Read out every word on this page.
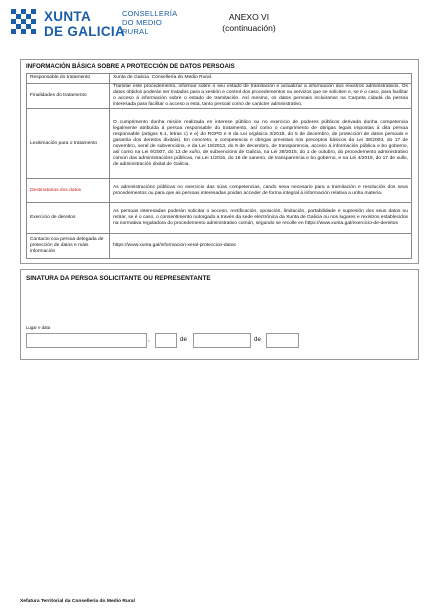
XUNTA
DE GALICIA
CONSELLERÍA
DO MEDIO
RURAL
ANEXO VI
(continuación)
INFORMACIÓN BÁSICA SOBRE A PROTECCIÓN DE DATOS PERSOAIS
Responsable do tratamento	Xunta de Galicia. Consellería do Medio Rural.
Finalidades do tratamento	Tramitar este procedemento, informar sobre o seu estado de tramitación e actualizar a información dos rexistros administrativos. Os datos obtidos poderán ser tratados para a xestión e control dos procedementos ou servizos que se soliciten e, se é o caso, para facilitar o acceso á información sobre o estado de tramitación. Así mesmo, os datos persoais incluiranse na Carpeta cidadá da persoa interesada para facilitar o acceso a esta, tanto persoal como de carácter administrativo.
Lexitimación para o tratamento	O cumprimento dunha misión realizada en interese público ou no exercicio de poderes públicos derivada dunha competencia legalmente atribuída á persoa responsable do tratamento, así como o cumprimento de obrigas legais impostas á dita persoa responsable (artigos 6.1, letras c) e e) do RGPD e 8 da Lei orgánica 3/2018, do 5 de decembro, de protección de datos persoais e garantía dos dereitos dixitais). En concreto, a competencia e obrigas previstas nos preceptos básicos da Lei 38/2003, do 17 de novembro, xeral de subvencións, e da Lei 19/2013, do 9 de decembro, de transparencia, acceso á información pública e bo goberno, así como na Lei 9/2007, do 13 de xuño, de subvencións de Galicia, na Lei 39/2015, do 1 de outubro, do procedemento administrativo común das administracións públicas, na Lei 1/2016, do 18 de xaneiro, de transparencia e bo goberno, e na Lei 4/2019, do 17 de xullo, de administración dixital de Galicia.
Destinatarias dos datos	As administracións públicas no exercicio das súas competencias, cando sexa necesario para a tramitación e resolución dos seus procedementos ou para que as persoas interesadas poidan acceder de forma integral á información relativa a unha materia.
Exercicio de dereitos	As persoas interesadas poderán solicitar o acceso, rectificación, oposición, limitación, portabilidade e supresión dos seus datos ou retirar, se é o caso, o consentimento outorgado a través da sede electrónica da Xunta de Galicia ou nos lugares e rexistros establecidos na normativa reguladora do procedemento administrativo común, segundo se recolle en https://www.xunta.gal/exercicio-de-dereitos
Contacto coa persoa delegada de protección de datos e máis información	https://www.xunta.gal/informacion-xeral-proteccion-datos
SINATURA DA PERSOA SOLICITANTE OU REPRESENTANTE
Lugar e data
,	de	de
Xefatura Territorial da Consellería do Medio Rural
